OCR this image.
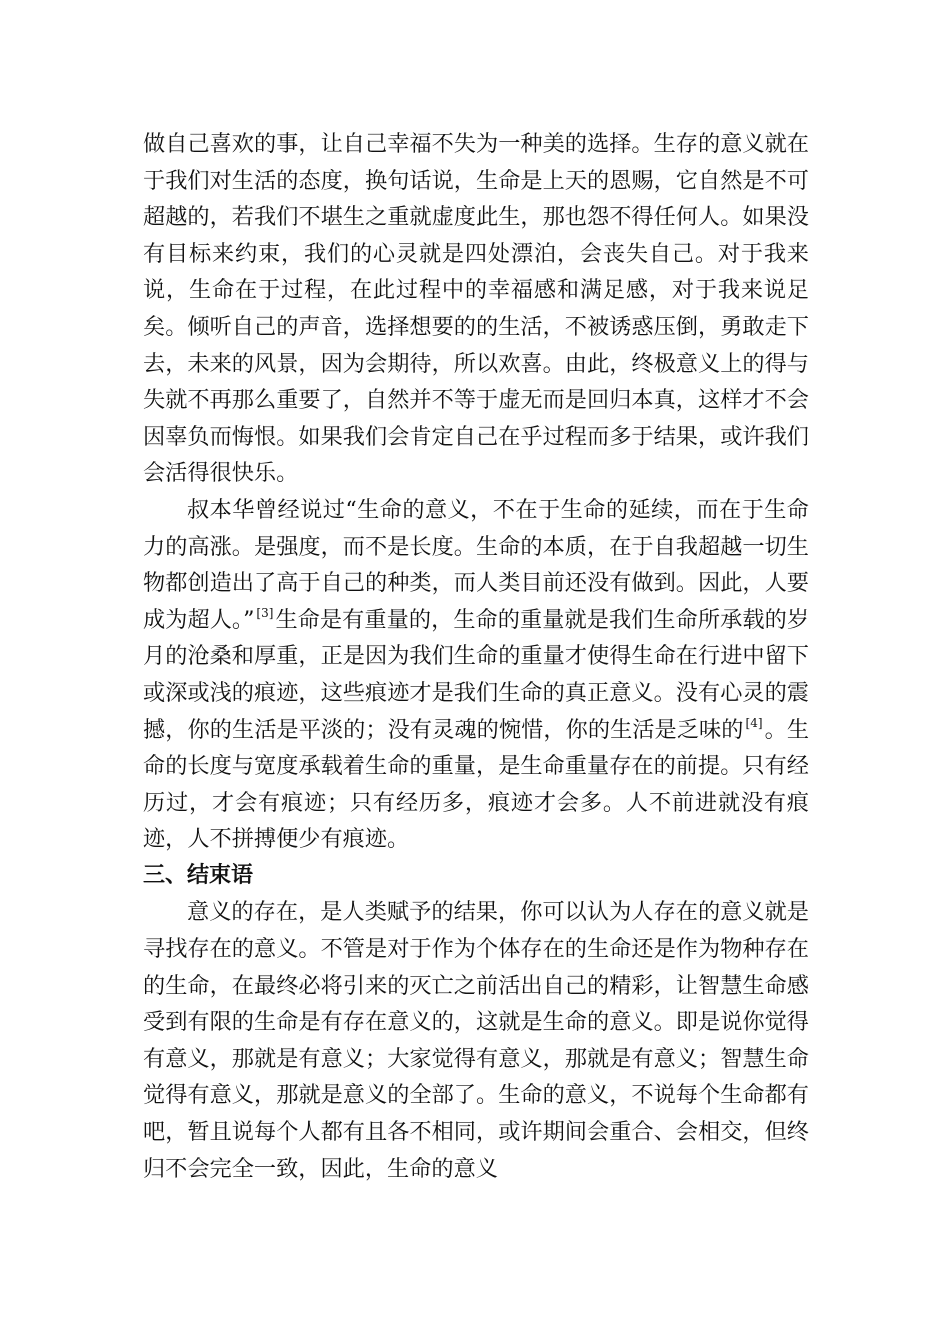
做自己喜欢的事，让自己幸福不失为一种美的选择。生存的意义就在于我们对生活的态度，换句话说，生命是上天的恩赐，它自然是不可超越的，若我们不堪生之重就虚度此生，那也怨不得任何人。如果没有目标来约束，我们的心灵就是四处漂泊，会丧失自己。对于我来说，生命在于过程，在此过程中的幸福感和满足感，对于我来说足矣。倾听自己的声音，选择想要的的生活，不被诱惑压倒，勇敢走下去，未来的风景，因为会期待，所以欢喜。由此，终极意义上的得与失就不再那么重要了，自然并不等于虚无而是回归本真，这样才不会因辜负而悔恨。如果我们会肯定自己在乎过程而多于结果，或许我们会活得很快乐。

叔本华曾经说过“生命的意义，不在于生命的延续，而在于生命力的高涨。是强度，而不是长度。生命的本质，在于自我超越一切生物都创造出了高于自己的种类，而人类目前还没有做到。因此，人要成为超人。” [3]生命是有重量的，生命的重量就是我们生命所承载的岁月的沧桑和厚重，正是因为我们生命的重量才使得生命在行进中留下或深或浅的痕迹，这些痕迹才是我们生命的真正意义。没有心灵的震撼，你的生活是平淡的；没有灵魂的惋惜，你的生活是乏味的 [4]。生命的长度与宽度承载着生命的重量，是生命重量存在的前提。只有经历过，才会有痕迹；只有经历多，痕迹才会多。人不前进就没有痕迹，人不拼搏便少有痕迹。

三、结束语

意义的存在，是人类赋予的结果，你可以认为人存在的意义就是寻找存在的意义。不管是对于作为个体存在的生命还是作为物种存在的生命，在最终必将引来的灭亡之前活出自己的精彩，让智慧生命感受到有限的生命是有存在意义的，这就是生命的意义。即是说你觉得有意义，那就是有意义；大家觉得有意义，那就是有意义；智慧生命觉得有意义，那就是意义的全部了。生命的意义，不说每个生命都有吧，暂且说每个人都有且各不相同，或许期间会重合、会相交，但终归不会完全一致，因此，生命的意义
